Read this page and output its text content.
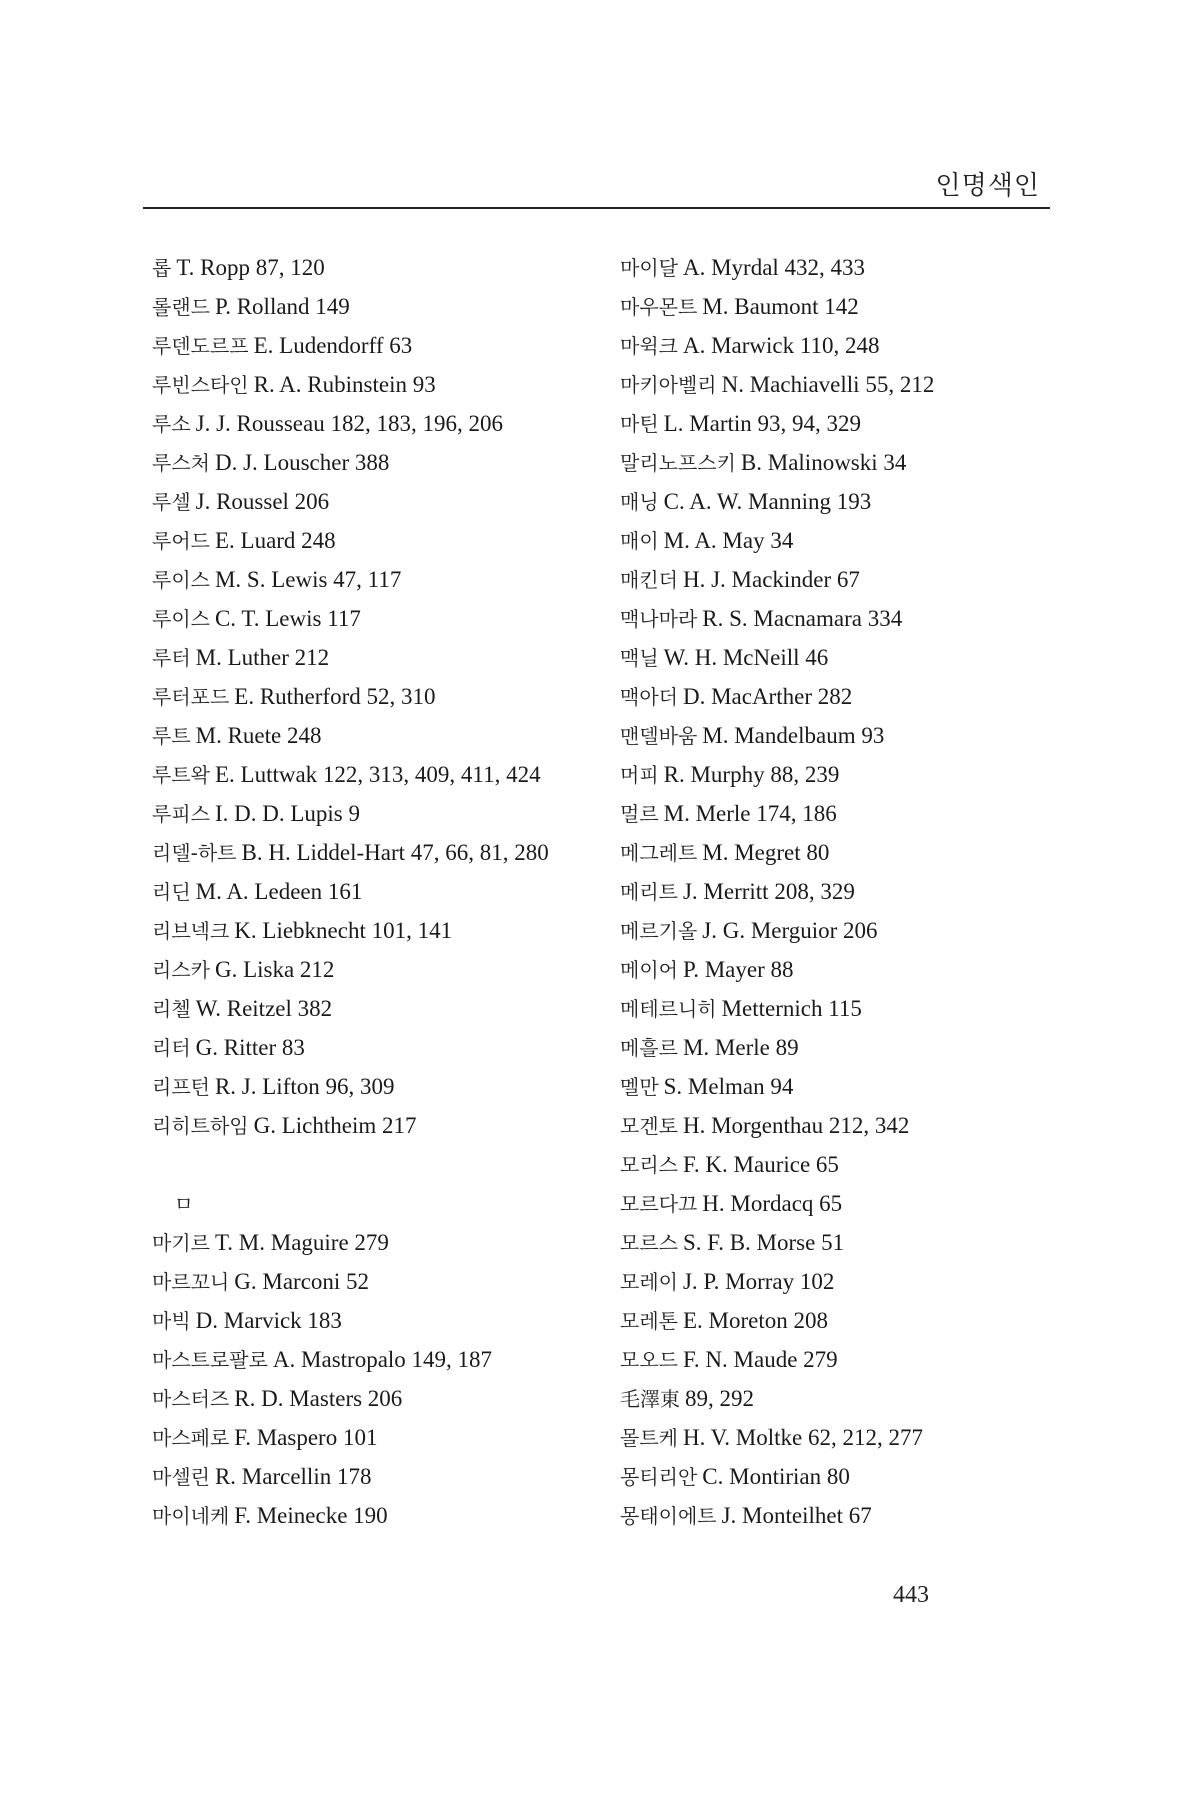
인명색인
롭 T. Ropp 87, 120
롤랜드 P. Rolland 149
루덴도르프 E. Ludendorff 63
루빈스타인 R. A. Rubinstein 93
루소 J. J. Rousseau 182, 183, 196, 206
루스처 D. J. Louscher 388
루셀 J. Roussel 206
루어드 E. Luard 248
루이스 M. S. Lewis 47, 117
루이스 C. T. Lewis 117
루터 M. Luther 212
루터포드 E. Rutherford 52, 310
루트 M. Ruete 248
루트왁 E. Luttwak 122, 313, 409, 411, 424
루피스 I. D. D. Lupis 9
리델-하트 B. H. Liddel-Hart 47, 66, 81, 280
리딘 M. A. Ledeen 161
리브넥크 K. Liebknecht 101, 141
리스카 G. Liska 212
리첼 W. Reitzel 382
리터 G. Ritter 83
리프턴 R. J. Lifton 96, 309
리히트하임 G. Lichtheim 217
ㅁ
마기르 T. M. Maguire 279
마르꼬니 G. Marconi 52
마빅 D. Marvick 183
마스트로팔로 A. Mastropalo 149, 187
마스터즈 R. D. Masters 206
마스페로 F. Maspero 101
마셀린 R. Marcellin 178
마이네케 F. Meinecke 190
마이달 A. Myrdal 432, 433
마우몬트 M. Baumont 142
마윅크 A. Marwick 110, 248
마키아벨리 N. Machiavelli 55, 212
마틴 L. Martin 93, 94, 329
말리노프스키 B. Malinowski 34
매닝 C. A. W. Manning 193
매이 M. A. May 34
매킨더 H. J. Mackinder 67
맥나마라 R. S. Macnamara 334
맥닐 W. H. McNeill 46
맥아더 D. MacArther 282
맨델바움 M. Mandelbaum 93
머피 R. Murphy 88, 239
멀르 M. Merle 174, 186
메그레트 M. Megret 80
메리트 J. Merritt 208, 329
메르기올 J. G. Merguior 206
메이어 P. Mayer 88
메테르니히 Metternich 115
메흘르 M. Merle 89
멜만 S. Melman 94
모겐토 H. Morgenthau 212, 342
모리스 F. K. Maurice 65
모르다끄 H. Mordacq 65
모르스 S. F. B. Morse 51
모레이 J. P. Morray 102
모레톤 E. Moreton 208
모오드 F. N. Maude 279
毛澤東 89, 292
몰트케 H. V. Moltke 62, 212, 277
몽티리안 C. Montirian 80
몽태이에트 J. Monteilhet 67
443
